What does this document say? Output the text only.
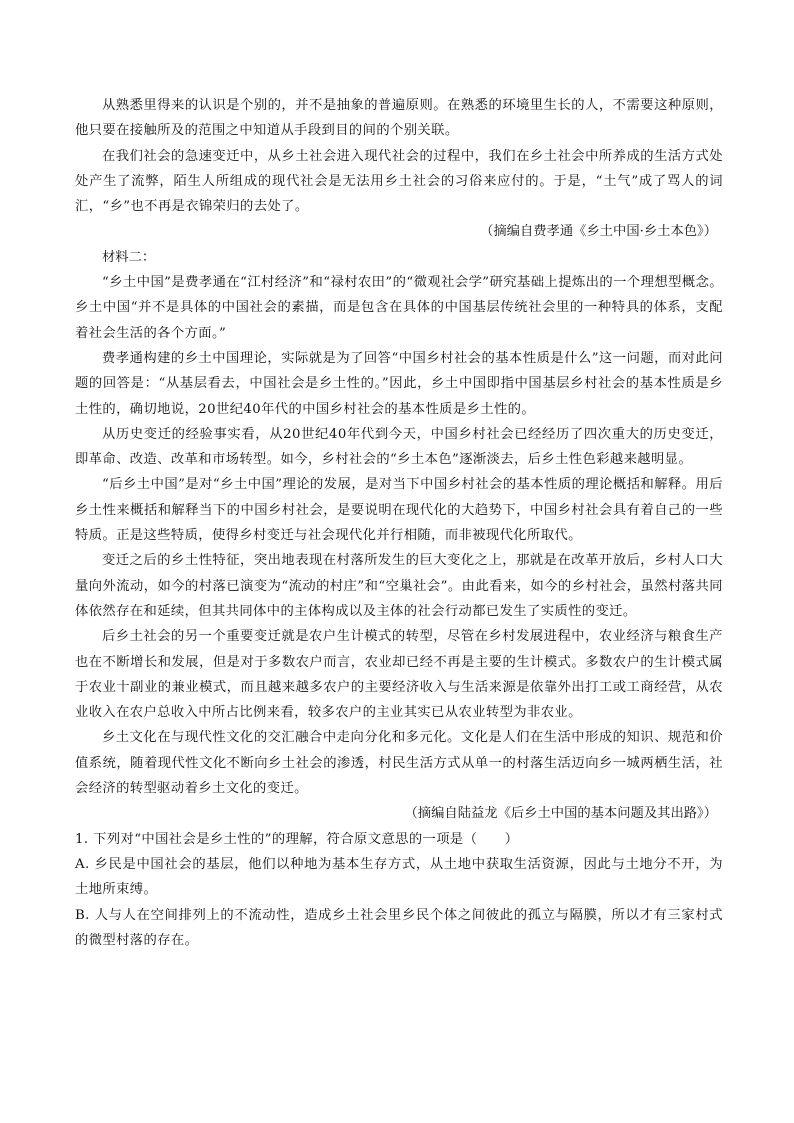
从熟悉里得来的认识是个别的，并不是抽象的普遍原则。在熟悉的环境里生长的人，不需要这种原则，他只要在接触所及的范围之中知道从手段到目的间的个别关联。

在我们社会的急速变迁中，从乡土社会进入现代社会的过程中，我们在乡土社会中所养成的生活方式处处产生了流弊，陌生人所组成的现代社会是无法用乡土社会的习俗来应付的。于是，“土气”成了骂人的词汇，“乡”也不再是衣锦荣归的去处了。

（摘编自费孝通《乡土中国·乡土本色》）

材料二：

“乡土中国”是费孝通在“江村经济”和“禄村农田”的“微观社会学”研究基础上提炼出的一个理想型概念。乡土中国“并不是具体的中国社会的素描，而是包含在具体的中国基层传统社会里的一种特具的体系，支配着社会生活的各个方面。”

费孝通构建的乡土中国理论，实际就是为了回答“中国乡村社会的基本性质是什么”这一问题，而对此问题的回答是：“从基层看去，中国社会是乡土性的。”因此，乡土中国即指中国基层乡村社会的基本性质是乡土性的，确切地说，20世纪40年代的中国乡村社会的基本性质是乡土性的。

从历史变迁的经验事实看，从20世纪40年代到今天，中国乡村社会已经经历了四次重大的历史变迁，即革命、改造、改革和市场转型。如今，乡村社会的“乡土本色”逐渐淡去，后乡土性色彩越来越明显。

“后乡土中国”是对“乡土中国”理论的发展，是对当下中国乡村社会的基本性质的理论概括和解释。用后乡土性来概括和解释当下的中国乡村社会，是要说明在现代化的大趋势下，中国乡村社会具有着自己的一些特质。正是这些特质，使得乡村变迁与社会现代化并行相随，而非被现代化所取代。

变迁之后的乡土性特征，突出地表现在村落所发生的巨大变化之上，那就是在改革开放后，乡村人口大量向外流动，如今的村落已演变为“流动的村庄”和“空巢社会”。由此看来，如今的乡村社会，虽然村落共同体依然存在和延续，但其共同体中的主体构成以及主体的社会行动都已发生了实质性的变迁。

后乡土社会的另一个重要变迁就是农户生计模式的转型，尽管在乡村发展进程中，农业经济与粮食生产也在不断增长和发展，但是对于多数农户而言，农业却已经不再是主要的生计模式。多数农户的生计模式属于农业十副业的兼业模式，而且越来越多农户的主要经济收入与生活来源是依靠外出打工或工商经营，从农业收入在农户总收入中所占比例来看，较多农户的主业其实已从农业转型为非农业。

乡土文化在与现代性文化的交汇融合中走向分化和多元化。文化是人们在生活中形成的知识、规范和价值系统，随着现代性文化不断向乡土社会的渗透，村民生活方式从单一的村落生活迈向乡一城两栖生活，社会经济的转型驱动着乡土文化的变迁。

（摘编自陆益龙《后乡土中国的基本问题及其出路》）

1. 下列对“中国社会是乡土性的”的理解，符合原文意思的一项是（　　）

A. 乡民是中国社会的基层，他们以种地为基本生存方式，从土地中获取生活资源，因此与土地分不开，为土地所束缚。

B. 人与人在空间排列上的不流动性，造成乡土社会里乡民个体之间彼此的孤立与隔膜，所以才有三家村式的微型村落的存在。
